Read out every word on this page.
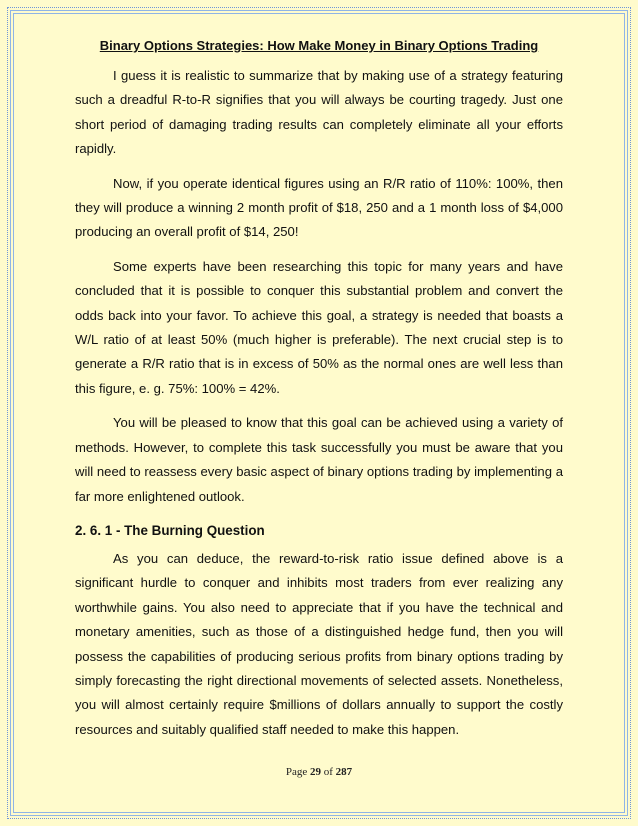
Binary Options Strategies: How Make Money in Binary Options Trading

I guess it is realistic to summarize that by making use of a strategy featuring such a dreadful R-to-R signifies that you will always be courting tragedy. Just one short period of damaging trading results can completely eliminate all your efforts rapidly.

Now, if you operate identical figures using an R/R ratio of 110%: 100%, then they will produce a winning 2 month profit of $18, 250 and a 1 month loss of $4,000 producing an overall profit of $14, 250!

Some experts have been researching this topic for many years and have concluded that it is possible to conquer this substantial problem and convert the odds back into your favor. To achieve this goal, a strategy is needed that boasts a W/L ratio of at least 50% (much higher is preferable). The next crucial step is to generate a R/R ratio that is in excess of 50% as the normal ones are well less than this figure, e. g. 75%: 100% = 42%.

You will be pleased to know that this goal can be achieved using a variety of methods. However, to complete this task successfully you must be aware that you will need to reassess every basic aspect of binary options trading by implementing a far more enlightened outlook.

2. 6. 1 - The Burning Question

As you can deduce, the reward-to-risk ratio issue defined above is a significant hurdle to conquer and inhibits most traders from ever realizing any worthwhile gains. You also need to appreciate that if you have the technical and monetary amenities, such as those of a distinguished hedge fund, then you will possess the capabilities of producing serious profits from binary options trading by simply forecasting the right directional movements of selected assets. Nonetheless, you will almost certainly require $millions of dollars annually to support the costly resources and suitably qualified staff needed to make this happen.

Page 29 of 287
